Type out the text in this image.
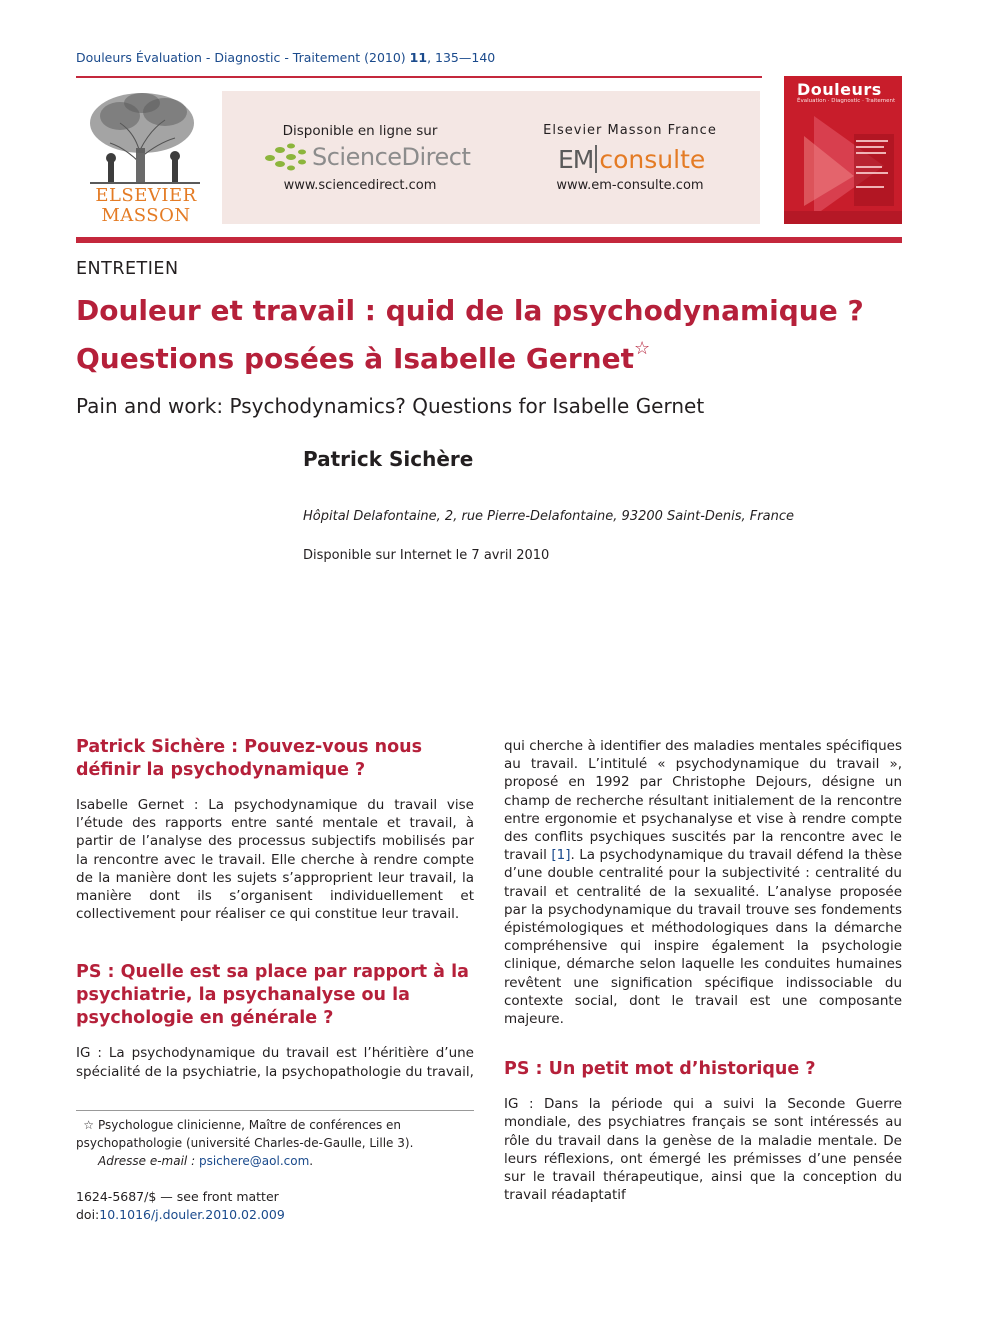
Douleurs Évaluation - Diagnostic - Traitement (2010) 11, 135—140
ELSEVIER MASSON
Disponible en ligne sur
ScienceDirect
www.sciencedirect.com
Elsevier Masson France
EM consulte
www.em-consulte.com
Douleurs
Évaluation · Diagnostic · Traitement
ENTRETIEN
Douleur et travail : quid de la psychodynamique ?
Questions posées à Isabelle Gernet☆
Pain and work: Psychodynamics? Questions for Isabelle Gernet
Patrick Sichère
Hôpital Delafontaine, 2, rue Pierre-Delafontaine, 93200 Saint-Denis, France
Disponible sur Internet le 7 avril 2010
Patrick Sichère : Pouvez-vous nous définir la psychodynamique ?

Isabelle Gernet : La psychodynamique du travail vise l’étude des rapports entre santé mentale et travail, à partir de l’analyse des processus subjectifs mobilisés par la rencontre avec le travail. Elle cherche à rendre compte de la manière dont les sujets s’approprient leur travail, la manière dont ils s’organisent individuellement et collectivement pour réaliser ce qui constitue leur travail.

PS : Quelle est sa place par rapport à la psychiatrie, la psychanalyse ou la psychologie en générale ?

IG : La psychodynamique du travail est l’héritière d’une spécialité de la psychiatrie, la psychopathologie du travail,

qui cherche à identifier des maladies mentales spécifiques au travail. L’intitulé « psychodynamique du travail », proposé en 1992 par Christophe Dejours, désigne un champ de recherche résultant initialement de la rencontre entre ergonomie et psychanalyse et vise à rendre compte des conflits psychiques suscités par la rencontre avec le travail [1]. La psychodynamique du travail défend la thèse d’une double centralité pour la subjectivité : centralité du travail et centralité de la sexualité. L’analyse proposée par la psychodynamique du travail trouve ses fondements épistémologiques et méthodologiques dans la démarche compréhensive qui inspire également la psychologie clinique, démarche selon laquelle les conduites humaines revêtent une signification spécifique indissociable du contexte social, dont le travail est une composante majeure.

PS : Un petit mot d’historique ?

IG : Dans la période qui a suivi la Seconde Guerre mondiale, des psychiatres français se sont intéressés au rôle du travail dans la genèse de la maladie mentale. De leurs réflexions, ont émergé les prémisses d’une pensée sur le travail thérapeutique, ainsi que la conception du travail réadaptatif

☆ Psychologue clinicienne, Maître de conférences en psychopathologie (université Charles-de-Gaulle, Lille 3).
Adresse e-mail : psichere@aol.com.
1624-5687/$ — see front matter
doi:10.1016/j.douler.2010.02.009
